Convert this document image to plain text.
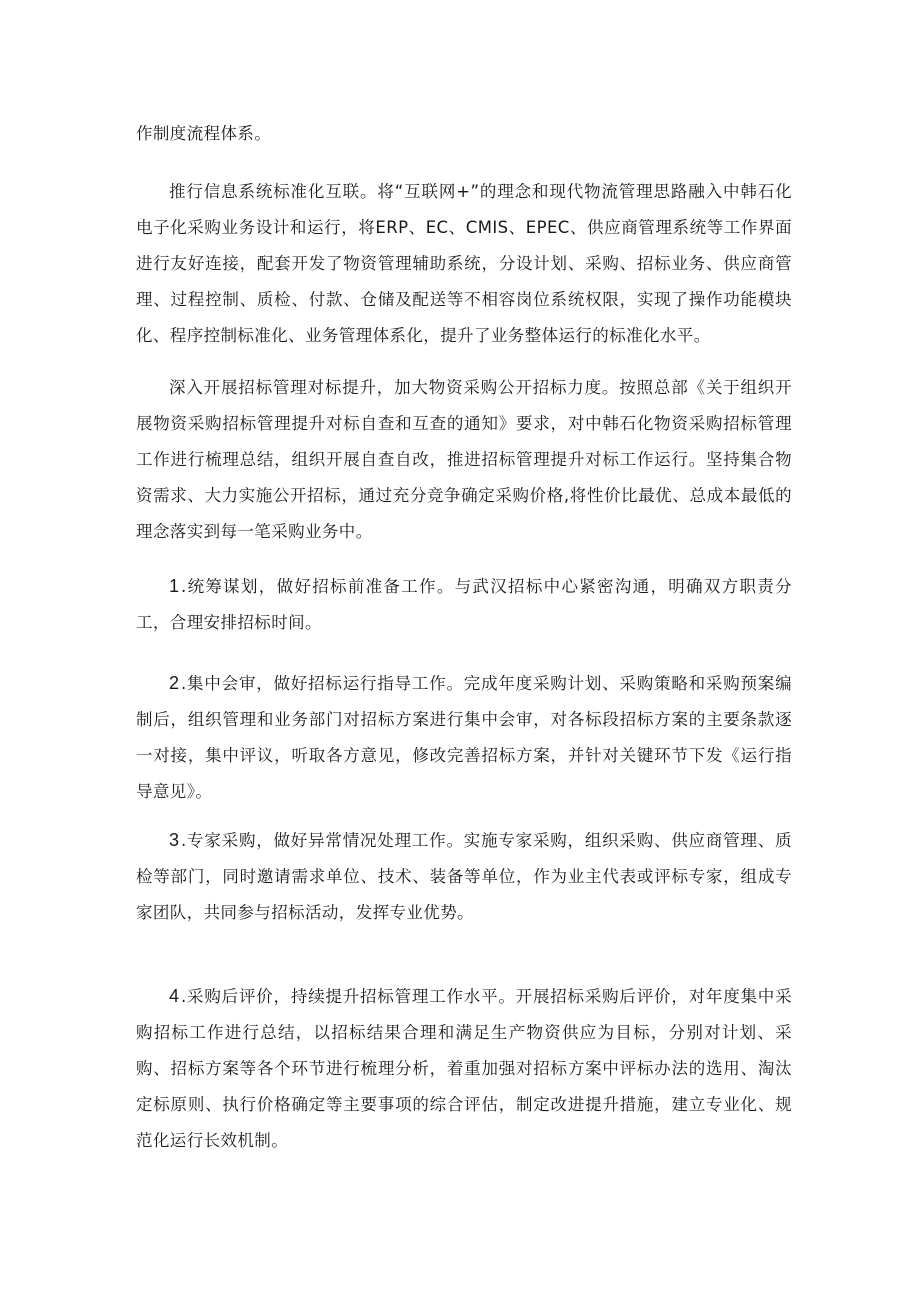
作制度流程体系。

推行信息系统标准化互联。将“互联网+”的理念和现代物流管理思路融入中韩石化电子化采购业务设计和运行，将ERP、EC、CMIS、EPEC、供应商管理系统等工作界面进行友好连接，配套开发了物资管理辅助系统，分设计划、采购、招标业务、供应商管理、过程控制、质检、付款、仓储及配送等不相容岗位系统权限，实现了操作功能模块化、程序控制标准化、业务管理体系化，提升了业务整体运行的标准化水平。

深入开展招标管理对标提升，加大物资采购公开招标力度。按照总部《关于组织开展物资采购招标管理提升对标自查和互查的通知》要求，对中韩石化物资采购招标管理工作进行梳理总结，组织开展自查自改，推进招标管理提升对标工作运行。坚持集合物资需求、大力实施公开招标，通过充分竞争确定采购价格,将性价比最优、总成本最低的理念落实到每一笔采购业务中。

1.统筹谋划，做好招标前准备工作。与武汉招标中心紧密沟通，明确双方职责分工，合理安排招标时间。

2.集中会审，做好招标运行指导工作。完成年度采购计划、采购策略和采购预案编制后，组织管理和业务部门对招标方案进行集中会审，对各标段招标方案的主要条款逐一对接，集中评议，听取各方意见，修改完善招标方案，并针对关键环节下发《运行指导意见》。

3.专家采购，做好异常情况处理工作。实施专家采购，组织采购、供应商管理、质检等部门，同时邀请需求单位、技术、装备等单位，作为业主代表或评标专家，组成专家团队，共同参与招标活动，发挥专业优势。

4.采购后评价，持续提升招标管理工作水平。开展招标采购后评价，对年度集中采购招标工作进行总结，以招标结果合理和满足生产物资供应为目标，分别对计划、采购、招标方案等各个环节进行梳理分析，着重加强对招标方案中评标办法的选用、淘汰定标原则、执行价格确定等主要事项的综合评估，制定改进提升措施，建立专业化、规范化运行长效机制。
